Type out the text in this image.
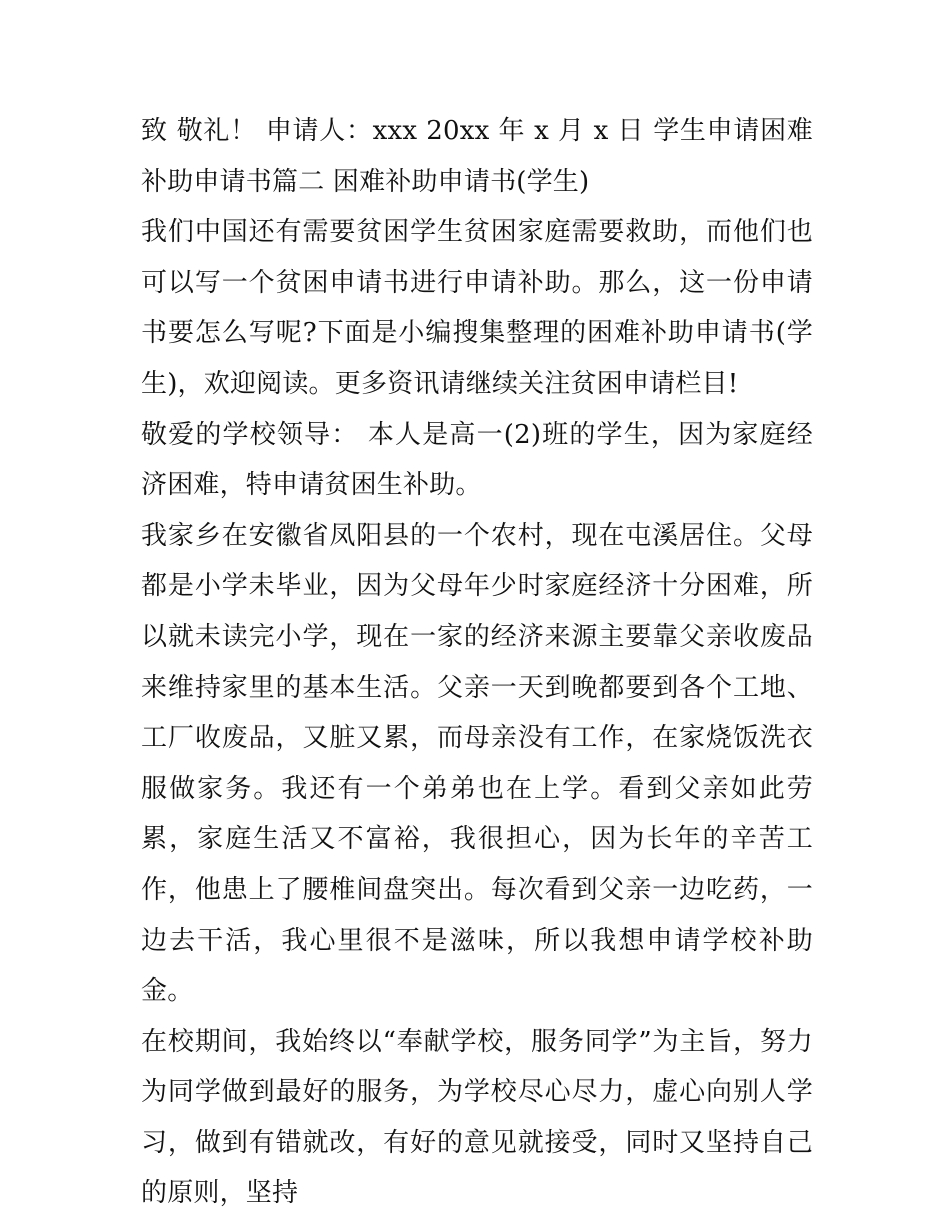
致 敬礼！ 申请人：xxx 20xx 年 x 月 x 日 学生申请困难补助申请书篇二 困难补助申请书(学生)

我们中国还有需要贫困学生贫困家庭需要救助，而他们也可以写一个贫困申请书进行申请补助。那么，这一份申请书要怎么写呢?下面是小编搜集整理的困难补助申请书(学生)，欢迎阅读。更多资讯请继续关注贫困申请栏目!

敬爱的学校领导： 本人是高一(2)班的学生，因为家庭经济困难，特申请贫困生补助。

我家乡在安徽省凤阳县的一个农村，现在屯溪居住。父母都是小学未毕业，因为父母年少时家庭经济十分困难，所以就未读完小学，现在一家的经济来源主要靠父亲收废品来维持家里的基本生活。父亲一天到晚都要到各个工地、工厂收废品，又脏又累，而母亲没有工作，在家烧饭洗衣服做家务。我还有一个弟弟也在上学。看到父亲如此劳累，家庭生活又不富裕，我很担心，因为长年的辛苦工作，他患上了腰椎间盘突出。每次看到父亲一边吃药，一边去干活，我心里很不是滋味，所以我想申请学校补助金。

在校期间，我始终以“奉献学校，服务同学”为主旨，努力为同学做到最好的服务，为学校尽心尽力，虚心向别人学习，做到有错就改，有好的意见就接受，同时又坚持自己的原则，坚持
